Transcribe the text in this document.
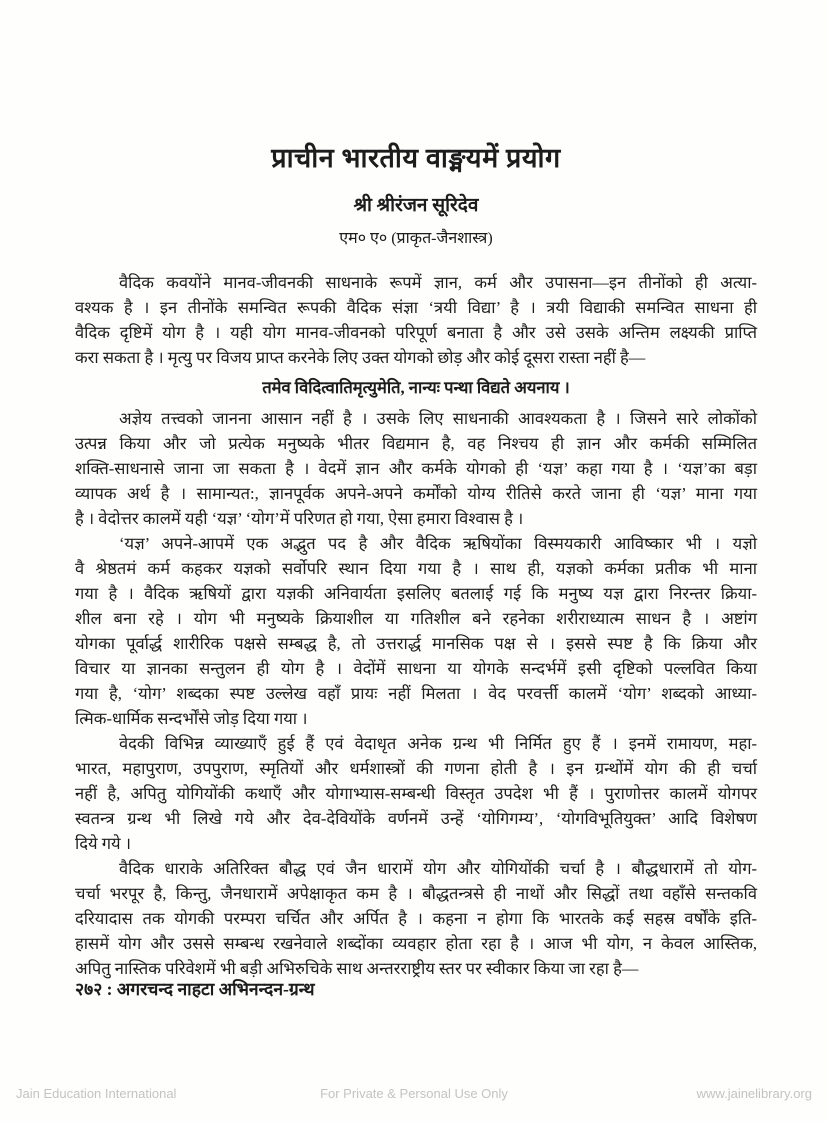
प्राचीन भारतीय वाङ्मयमें प्रयोग
श्री श्रीरंजन सूरिदेव
एम० ए० (प्राकृत-जैनशास्त्र)
वैदिक कवयोंने मानव-जीवनकी साधनाके रूपमें ज्ञान, कर्म और उपासना—इन तीनोंको ही अत्या-
वश्यक है । इन तीनोंके समन्वित रूपकी वैदिक संज्ञा ‘त्रयी विद्या’ है । त्रयी विद्याकी समन्वित साधना ही
वैदिक दृष्टिमें योग है । यही योग मानव-जीवनको परिपूर्ण बनाता है और उसे उसके अन्तिम लक्ष्यकी प्राप्ति
करा सकता है । मृत्यु पर विजय प्राप्त करनेके लिए उक्त योगको छोड़ और कोई दूसरा रास्ता नहीं है—
तमेव विदित्वातिमृत्युमेति, नान्यः पन्था विद्यते अयनाय ।
अज्ञेय तत्त्वको जानना आसान नहीं है । उसके लिए साधनाकी आवश्यकता है । जिसने सारे लोकोंको
उत्पन्न किया और जो प्रत्येक मनुष्यके भीतर विद्यमान है, वह निश्चय ही ज्ञान और कर्मकी सम्मिलित
शक्ति-साधनासे जाना जा सकता है । वेदमें ज्ञान और कर्मके योगको ही ‘यज्ञ’ कहा गया है । ‘यज्ञ’का बड़ा
व्यापक अर्थ है । सामान्यत:, ज्ञानपूर्वक अपने-अपने कर्मोंको योग्य रीतिसे करते जाना ही ‘यज्ञ’ माना गया
है । वेदोत्तर कालमें यही ‘यज्ञ’ ‘योग’में परिणत हो गया, ऐसा हमारा विश्वास है ।
‘यज्ञ’ अपने-आपमें एक अद्भुत पद है और वैदिक ऋषियोंका विस्मयकारी आविष्कार भी । यज्ञो
वै श्रेष्ठतमं कर्म कहकर यज्ञको सर्वोपरि स्थान दिया गया है । साथ ही, यज्ञको कर्मका प्रतीक भी माना
गया है । वैदिक ऋषियों द्वारा यज्ञकी अनिवार्यता इसलिए बतलाई गई कि मनुष्य यज्ञ द्वारा निरन्तर क्रिया-
शील बना रहे । योग भी मनुष्यके क्रियाशील या गतिशील बने रहनेका शरीराध्यात्म साधन है । अष्टांग
योगका पूर्वार्द्ध शारीरिक पक्षसे सम्बद्ध है, तो उत्तरार्द्ध मानसिक पक्ष से । इससे स्पष्ट है कि क्रिया और
विचार या ज्ञानका सन्तुलन ही योग है । वेदोंमें साधना या योगके सन्दर्भमें इसी दृष्टिको पल्लवित किया
गया है, ‘योग’ शब्दका स्पष्ट उल्लेख वहाँ प्रायः नहीं मिलता । वेद परवर्त्ती कालमें ‘योग’ शब्दको आध्या-
त्मिक-धार्मिक सन्दर्भोंसे जोड़ दिया गया ।
वेदकी विभिन्न व्याख्याएँ हुई हैं एवं वेदाधृत अनेक ग्रन्थ भी निर्मित हुए हैं । इनमें रामायण, महा-
भारत, महापुराण, उपपुराण, स्मृतियों और धर्मशास्त्रों की गणना होती है । इन ग्रन्थोंमें योग की ही चर्चा
नहीं है, अपितु योगियोंकी कथाएँ और योगाभ्यास-सम्बन्धी विस्तृत उपदेश भी हैं । पुराणोत्तर कालमें योगपर
स्वतन्त्र ग्रन्थ भी लिखे गये और देव-देवियोंके वर्णनमें उन्हें ‘योगिगम्य’, ‘योगविभूतियुक्त’ आदि विशेषण
दिये गये ।
वैदिक धाराके अतिरिक्त बौद्ध एवं जैन धारामें योग और योगियोंकी चर्चा है । बौद्धधारामें तो योग-
चर्चा भरपूर है, किन्तु, जैनधारामें अपेक्षाकृत कम है । बौद्धतन्त्रसे ही नाथों और सिद्धों तथा वहाँसे सन्तकवि
दरियादास तक योगकी परम्परा चर्चित और अर्पित है । कहना न होगा कि भारतके कई सहस्र वर्षोंके इति-
हासमें योग और उससे सम्बन्ध रखनेवाले शब्दोंका व्यवहार होता रहा है । आज भी योग, न केवल आस्तिक,
अपितु नास्तिक परिवेशमें भी बड़ी अभिरुचिके साथ अन्तरराष्ट्रीय स्तर पर स्वीकार किया जा रहा है—
२७२ : अगरचन्द नाहटा अभिनन्दन-ग्रन्थ
Jain Education International	For Private & Personal Use Only	www.jainelibrary.org
